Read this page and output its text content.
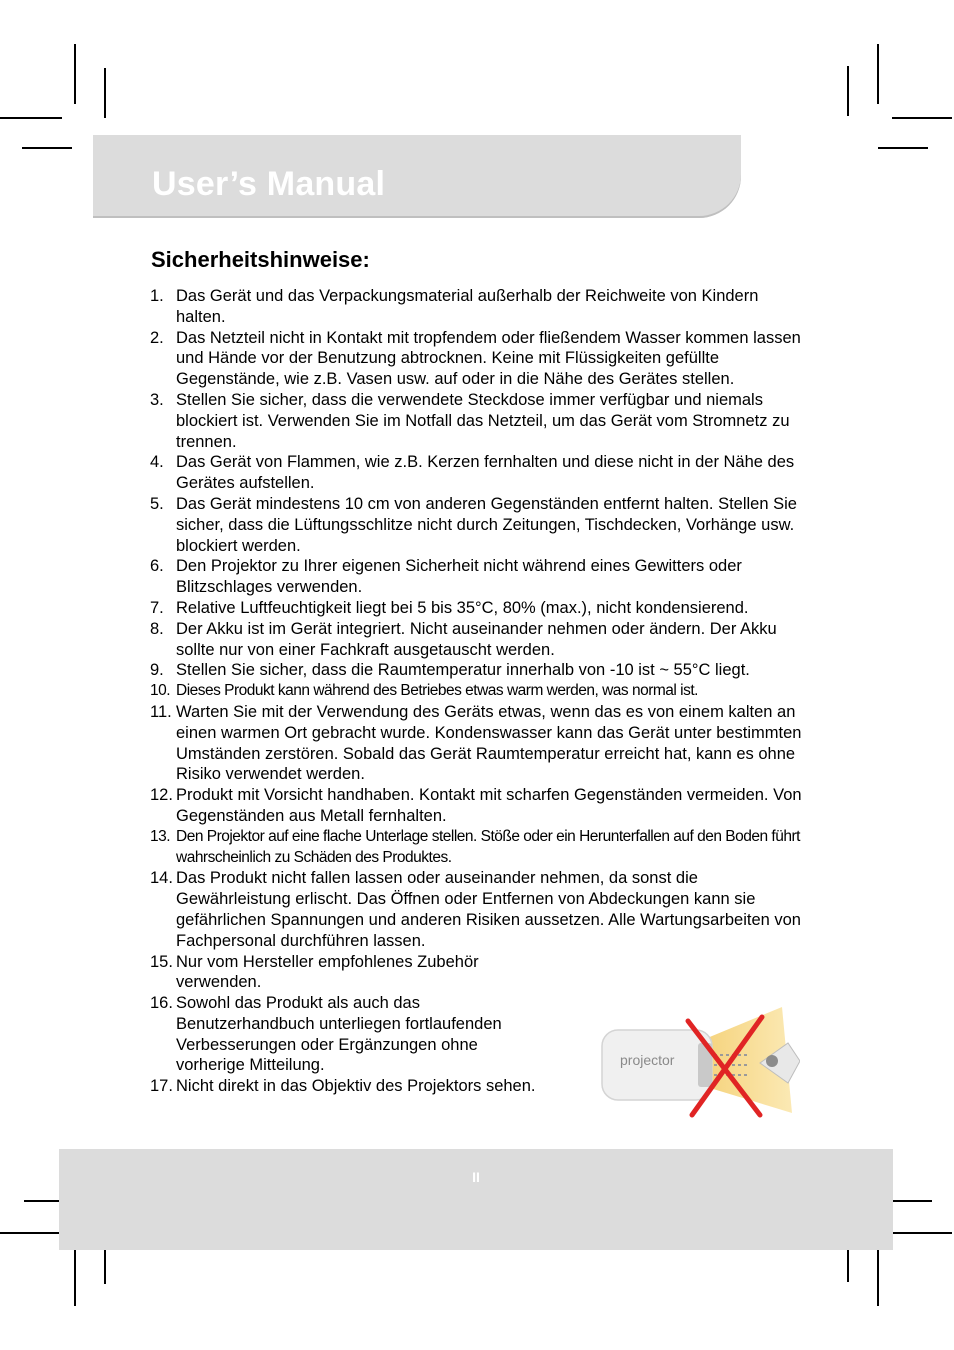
User’s Manual
Sicherheitshinweise:
1. Das Gerät und das Verpackungsmaterial außerhalb der Reichweite von Kindern halten.
2. Das Netzteil nicht in Kontakt mit tropfendem oder fließendem Wasser kommen lassen und Hände vor der Benutzung abtrocknen. Keine mit Flüssigkeiten gefüllte Gegenstände, wie z.B. Vasen usw. auf oder in die Nähe des Gerätes stellen.
3. Stellen Sie sicher, dass die verwendete Steckdose immer verfügbar und niemals blockiert ist. Verwenden Sie im Notfall das Netzteil, um das Gerät vom Stromnetz zu trennen.
4. Das Gerät von Flammen, wie z.B. Kerzen fernhalten und diese nicht in der Nähe des Gerätes aufstellen.
5. Das Gerät mindestens 10 cm von anderen Gegenständen entfernt halten. Stellen Sie sicher, dass die Lüftungsschlitze nicht durch Zeitungen, Tischdecken, Vorhänge usw. blockiert werden.
6. Den Projektor zu Ihrer eigenen Sicherheit nicht während eines Gewitters oder Blitzschlages verwenden.
7. Relative Luftfeuchtigkeit liegt bei 5 bis 35°C, 80% (max.), nicht kondensierend.
8. Der Akku ist im Gerät integriert. Nicht auseinander nehmen oder ändern. Der Akku sollte nur von einer Fachkraft ausgetauscht werden.
9. Stellen Sie sicher, dass die Raumtemperatur innerhalb von -10 ist ~ 55°C liegt.
10. Dieses Produkt kann während des Betriebes etwas warm werden, was normal ist.
11. Warten Sie mit der Verwendung des Geräts etwas, wenn das es von einem kalten an einen warmen Ort gebracht wurde. Kondenswasser kann das Gerät unter bestimmten Umständen zerstören. Sobald das Gerät Raumtemperatur erreicht hat, kann es ohne Risiko verwendet werden.
12. Produkt mit Vorsicht handhaben. Kontakt mit scharfen Gegenständen vermeiden. Von Gegenständen aus Metall fernhalten.
13. Den Projektor auf eine flache Unterlage stellen. Stöße oder ein Herunterfallen auf den Boden führt wahrscheinlich zu Schäden des Produktes.
14. Das Produkt nicht fallen lassen oder auseinander nehmen, da sonst die Gewährleistung erlischt. Das Öffnen oder Entfernen von Abdeckungen kann sie gefährlichen Spannungen und anderen Risiken aussetzen. Alle Wartungsarbeiten von Fachpersonal durchführen lassen.
15. Nur vom Hersteller empfohlenes Zubehör verwenden.
16. Sowohl das Produkt als auch das Benutzerhandbuch unterliegen fortlaufenden Verbesserungen oder Ergänzungen ohne vorherige Mitteilung.
17. Nicht direkt in das Objektiv des Projektors sehen.
projector
II
